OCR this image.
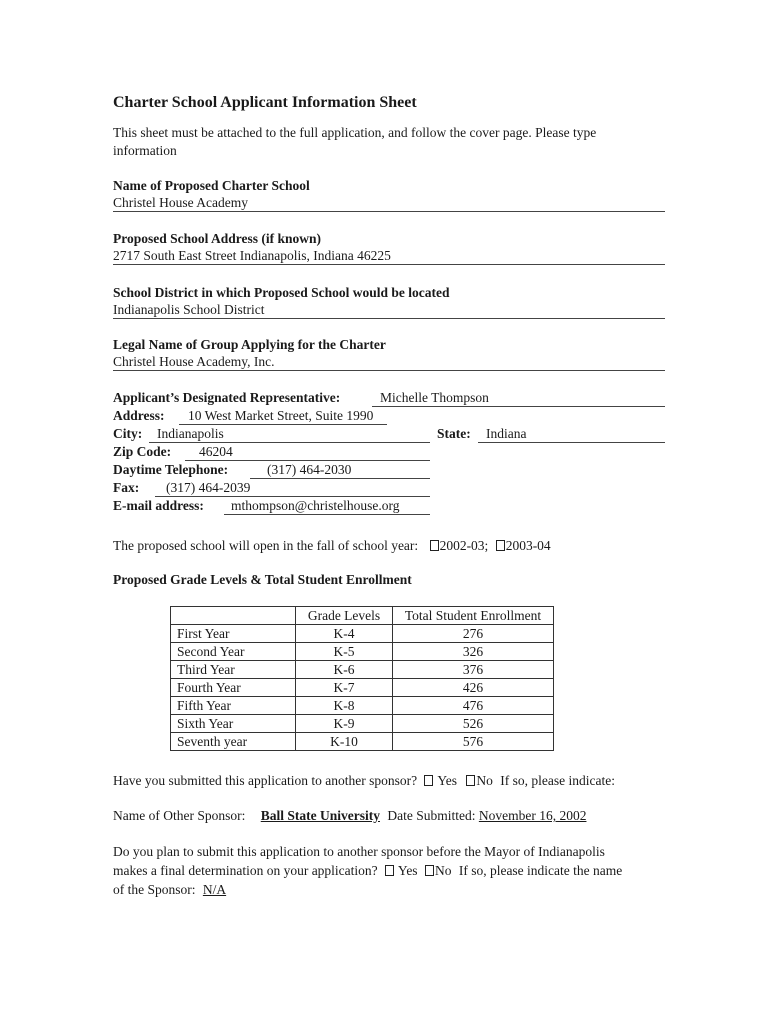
Charter School Applicant Information Sheet
This sheet must be attached to the full application, and follow the cover page. Please type information
Name of Proposed Charter School
Christel House Academy
Proposed School Address (if known)
2717 South East Street Indianapolis, Indiana 46225
School District in which Proposed School would be located
Indianapolis School District
Legal Name of Group Applying for the Charter
Christel House Academy, Inc.
Applicant’s Designated Representative:	Michelle Thompson
Address: 10 West Market Street, Suite 1990
City: Indianapolis	State: Indiana
Zip Code: 46204
Daytime Telephone:	(317) 464-2030
Fax: (317) 464-2039
E-mail address: mthompson@christelhouse.org
The proposed school will open in the fall of school year: 2002-03; 2003-04
Proposed Grade Levels & Total Student Enrollment
	Grade Levels	Total Student Enrollment
First Year	K-4	276
Second Year	K-5	326
Third Year	K-6	376
Fourth Year	K-7	426
Fifth Year	K-8	476
Sixth Year	K-9	526
Seventh year	K-10	576
Have you submitted this application to another sponsor? Yes No If so, please indicate:
Name of Other Sponsor: Ball State University Date Submitted: November 16, 2002
Do you plan to submit this application to another sponsor before the Mayor of Indianapolis
makes a final determination on your application? Yes No If so, please indicate the name
of the Sponsor: N/A
